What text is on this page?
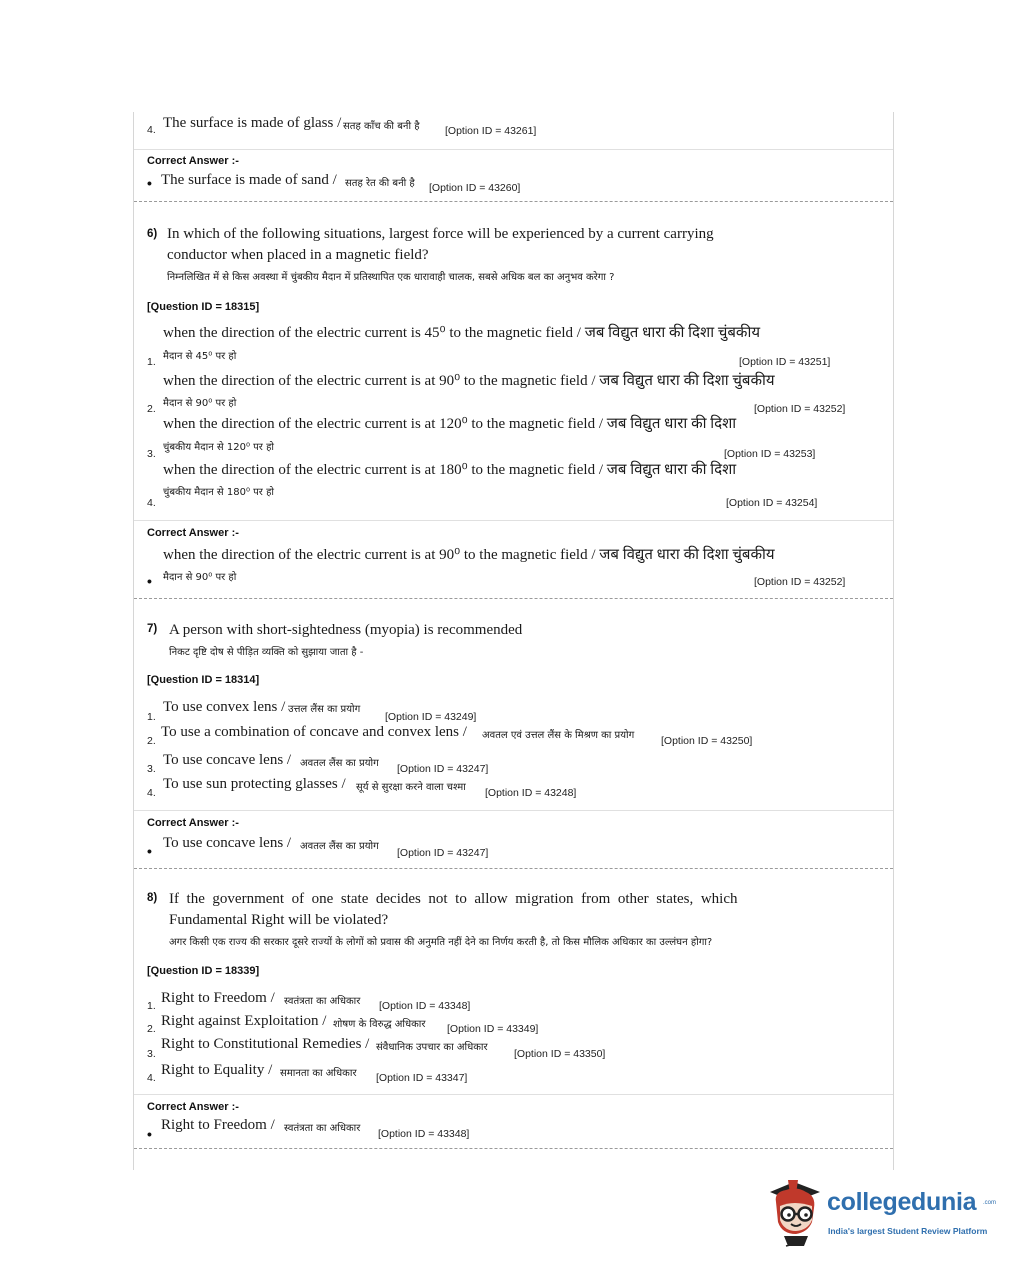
4. The surface is made of glass / सतह काँच की बनी है [Option ID = 43261]
Correct Answer :-
• The surface is made of sand / सतह रेत की बनी है [Option ID = 43260]
6) In which of the following situations, largest force will be experienced by a current carrying
conductor when placed in a magnetic field?
निम्नलिखित में से किस अवस्था में चुंबकीय मैदान में प्रतिस्थापित एक धारावाही चालक, सबसे अधिक बल का अनुभव करेगा ?
[Question ID = 18315]
when the direction of the electric current is 45⁰ to the magnetic field / जब विद्युत धारा की दिशा चुंबकीय
1. मैदान से 45⁰ पर हो	[Option ID = 43251]
when the direction of the electric current is at 90⁰ to the magnetic field / जब विद्युत धारा की दिशा चुंबकीय
2. मैदान से 90⁰ पर हो	[Option ID = 43252]
when the direction of the electric current is at 120⁰ to the magnetic field / जब विद्युत धारा की दिशा
3.
चुंबकीय मैदान से 120⁰ पर हो
[Option ID = 43253]
when the direction of the electric current is at 180⁰ to the magnetic field / जब विद्युत धारा की दिशा
4.
चुंबकीय मैदान से 180⁰ पर हो
[Option ID = 43254]
Correct Answer :-
when the direction of the electric current is at 90⁰ to the magnetic field / जब विद्युत धारा की दिशा चुंबकीय
• मैदान से 90⁰ पर हो	[Option ID = 43252]
7) A person with short-sightedness (myopia) is recommended
निकट दृष्टि दोष से पीड़ित व्यक्ति को सुझाया जाता है -
[Question ID = 18314]
1.
To use convex lens / उत्तल लैंस का प्रयोग
[Option ID = 43249]
2.
To use a combination of concave and convex lens / अवतल एवं उत्तल लैंस के मिश्रण का प्रयोग	[Option ID = 43250]
3.
To use concave lens / अवतल लैंस का प्रयोग [Option ID = 43247]
4.
To use sun protecting glasses / सूर्य से सुरक्षा करने वाला चश्मा [Option ID = 43248]
Correct Answer :-
• To use concave lens / अवतल लैंस का प्रयोग
[Option ID = 43247]
8) If the government of one state decides not to allow migration from other states, which
Fundamental Right will be violated?
अगर किसी एक राज्य की सरकार दूसरे राज्यों के लोगों को प्रवास की अनुमति नहीं देने का निर्णय करती है, तो किस मौलिक अधिकार का उल्लंघन होगा?
[Question ID = 18339]
1. Right to Freedom / स्वतंत्रता का अधिकार [Option ID = 43348]
2. Right against Exploitation / शोषण के विरुद्ध अधिकार [Option ID = 43349]
3.
Right to Constitutional Remedies / संवैधानिक उपचार का अधिकार
[Option ID = 43350]
4. Right to Equality / समानता का अधिकार [Option ID = 43347]
Correct Answer :-
•
Right to Freedom / स्वतंत्रता का अधिकार [Option ID = 43348]
collegedunia .com
India's largest Student Review Platform
